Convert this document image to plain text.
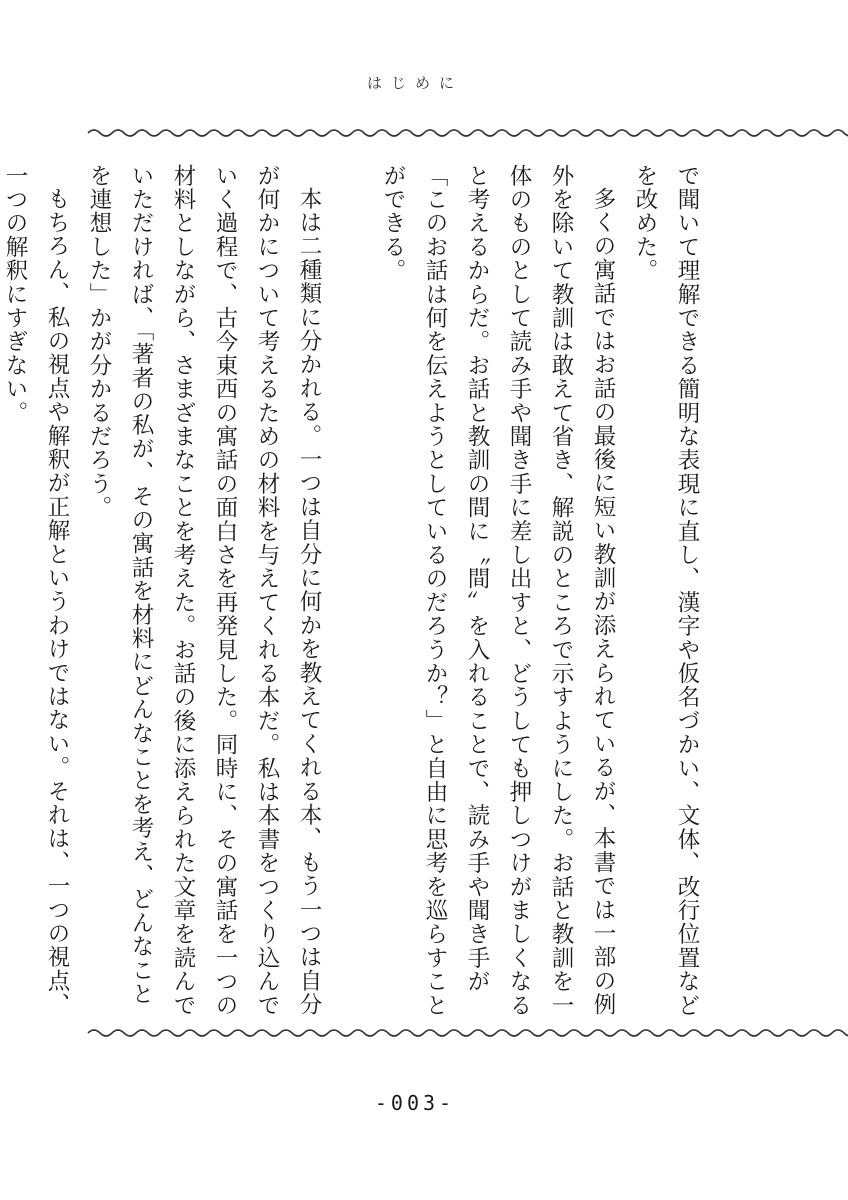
はじめに

で聞いて理解できる簡明な表現に直し、漢字や仮名づかい、文体、改行位置などを改めた。

多くの寓話ではお話の最後に短い教訓が添えられているが、本書では一部の例外を除いて教訓は敢えて省き、解説のところで示すようにした。お話と教訓を一体のものとして読み手や聞き手に差し出すと、どうしても押しつけがましくなると考えるからだ。お話と教訓の間に〝間〟を入れることで、読み手や聞き手が「このお話は何を伝えようとしているのだろうか？」と自由に思考を巡らすことができる。

本は二種類に分かれる。一つは自分に何かを教えてくれる本、もう一つは自分が何かについて考えるための材料を与えてくれる本だ。私は本書をつくり込んでいく過程で、古今東西の寓話の面白さを再発見した。同時に、その寓話を一つの材料としながら、さまざまなことを考えた。お話の後に添えられた文章を読んでいただければ、「著者の私が、その寓話を材料にどんなことを考え、どんなことを連想した」かが分かるだろう。

もちろん、私の視点や解釈が正解というわけではない。それは、一つの視点、一つの解釈にすぎない。

-003-
